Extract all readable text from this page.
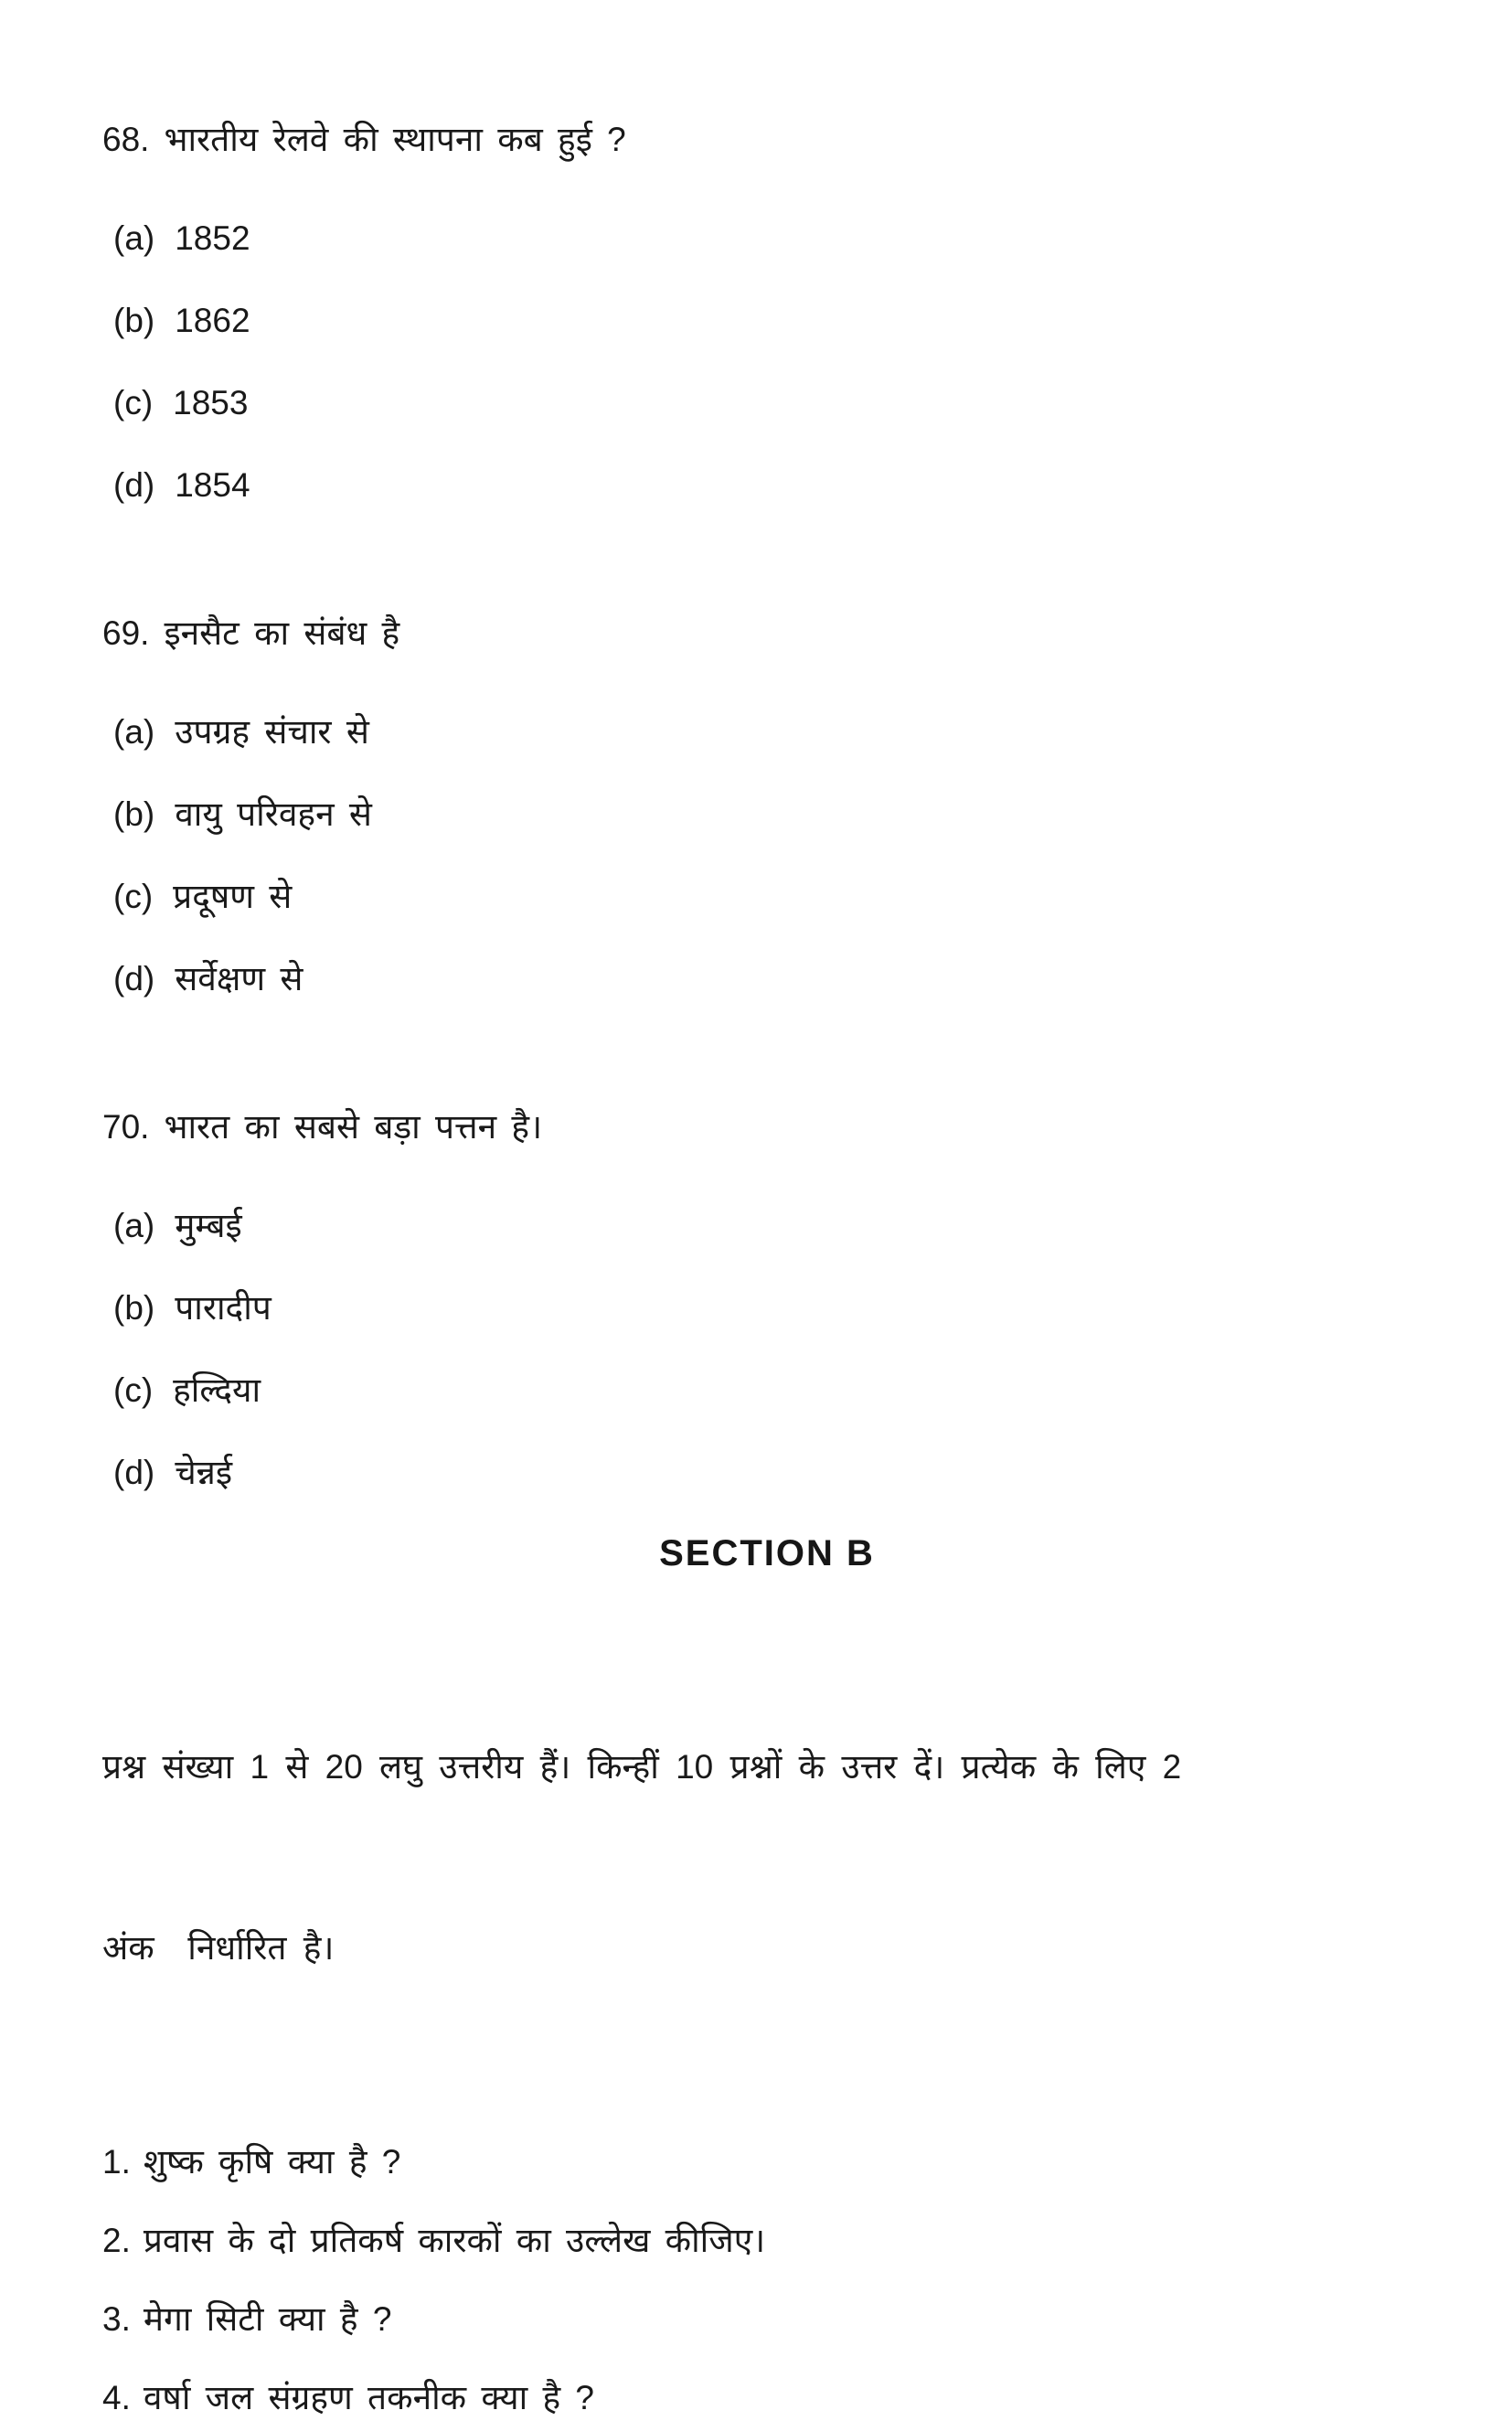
68. भारतीय रेलवे की स्थापना कब हुई ?
(a) 1852
(b) 1862
(c) 1853
(d) 1854
69. इनसैट का संबंध है
(a) उपग्रह संचार से
(b) वायु परिवहन से
(c) प्रदूषण से
(d) सर्वेक्षण से
70. भारत का सबसे बड़ा पत्तन है।
(a) मुम्बई
(b) पारादीप
(c) हल्दिया
(d) चेन्नई
SECTION B

प्रश्न संख्या 1 से 20 लघु उत्तरीय हैं। किन्हीं 10 प्रश्नों के उत्तर दें। प्रत्येक के लिए 2

अंक  निर्धारित है।

1. शुष्क कृषि क्या है ?
2. प्रवास के दो प्रतिकर्ष कारकों का उल्लेख कीजिए।
3. मेगा सिटी क्या है ?
4. वर्षा जल संग्रहण तकनीक क्या है ?
